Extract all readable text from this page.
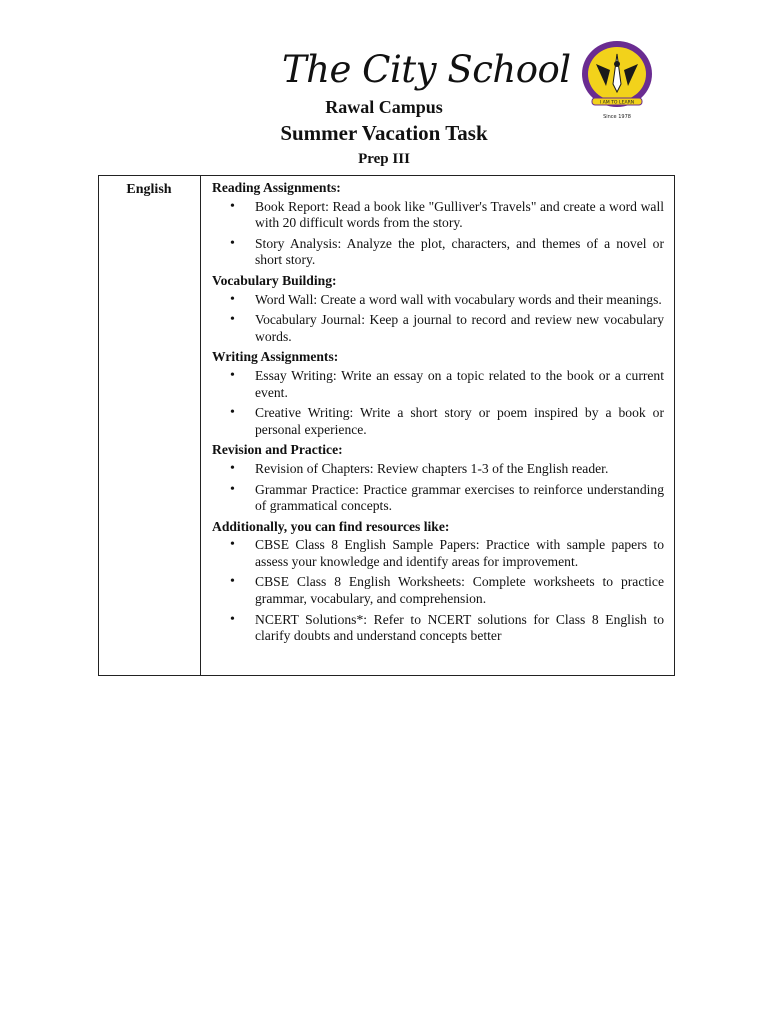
The City School
I AM TO LEARN
Since 1978
Rawal Campus
Summer Vacation Task
Prep III
English	Reading Assignments:
• Book Report: Read a book like "Gulliver's Travels" and create a word wall with 20 difficult words from the story.
• Story Analysis: Analyze the plot, characters, and themes of a novel or short story.
Vocabulary Building:
• Word Wall: Create a word wall with vocabulary words and their meanings.
• Vocabulary Journal: Keep a journal to record and review new vocabulary words.
Writing Assignments:
• Essay Writing: Write an essay on a topic related to the book or a current event.
• Creative Writing: Write a short story or poem inspired by a book or personal experience.
Revision and Practice:
• Revision of Chapters: Review chapters 1-3 of the English reader.
• Grammar Practice: Practice grammar exercises to reinforce understanding of grammatical concepts.
Additionally, you can find resources like:
• CBSE Class 8 English Sample Papers: Practice with sample papers to assess your knowledge and identify areas for improvement.
• CBSE Class 8 English Worksheets: Complete worksheets to practice grammar, vocabulary, and comprehension.
• NCERT Solutions*: Refer to NCERT solutions for Class 8 English to clarify doubts and understand concepts better
